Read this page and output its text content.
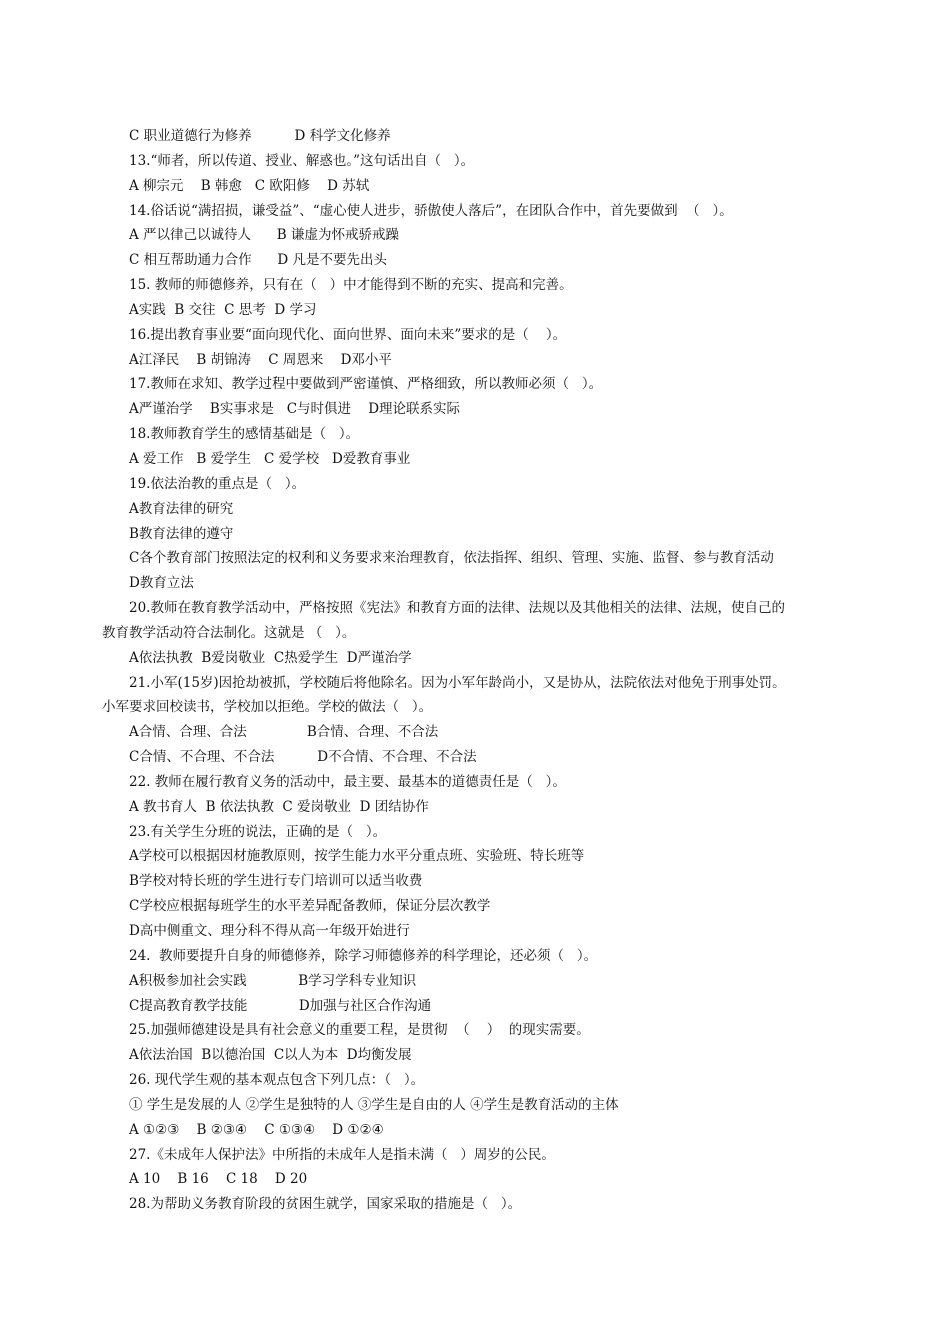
C 职业道德行为修养          D 科学文化修养
13.“师者，所以传道、授业、解惑也。”这句话出自（   ）。
A 柳宗元    B 韩愈   C 欧阳修    D 苏轼
14.俗话说“满招损，谦受益”、“虚心使人进步，骄傲使人落后”，在团队合作中，首先要做到  （   ）。
A 严以律己以诚待人      B 谦虚为怀戒骄戒躁
C 相互帮助通力合作      D 凡是不要先出头
15. 教师的师德修养，只有在（   ）中才能得到不断的充实、提高和完善。
A实践  B 交往  C 思考  D 学习
16.提出教育事业要“面向现代化、面向世界、面向未来”要求的是（    ）。
A江泽民    B 胡锦涛    C 周恩来    D邓小平
17.教师在求知、教学过程中要做到严密谨慎、严格细致，所以教师必须（   ）。
A严谨治学    B实事求是   C与时俱进    D理论联系实际
18.教师教育学生的感情基础是（   ）。
A 爱工作   B 爱学生   C 爱学校   D爱教育事业
19.依法治教的重点是（   ）。
A教育法律的研究
B教育法律的遵守
C各个教育部门按照法定的权利和义务要求来治理教育，依法指挥、组织、管理、实施、监督、参与教育活动
D教育立法
20.教师在教育教学活动中，严格按照《宪法》和教育方面的法律、法规以及其他相关的法律、法规，使自己的
教育教学活动符合法制化。这就是 （   ）。
A依法执教  B爱岗敬业  C热爱学生  D严谨治学
21.小军(15岁)因抢劫被抓，学校随后将他除名。因为小军年龄尚小，又是协从，法院依法对他免于刑事处罚。
小军要求回校读书，学校加以拒绝。学校的做法（   ）。
A合情、合理、合法              B合情、合理、不合法
C合情、不合理、不合法          D不合情、不合理、不合法
22. 教师在履行教育义务的活动中，最主要、最基本的道德责任是（   ）。
A 教书育人  B 依法执教  C 爱岗敬业  D 团结协作
23.有关学生分班的说法，正确的是（   ）。
A学校可以根据因材施教原则，按学生能力水平分重点班、实验班、特长班等
B学校对特长班的学生进行专门培训可以适当收费
C学校应根据每班学生的水平差异配备教师，保证分层次教学
D高中侧重文、理分科不得从高一年级开始进行
24.  教师要提升自身的师德修养，除学习师德修养的科学理论，还必须（   ）。
A积极参加社会实践            B学习学科专业知识
C提高教育教学技能            D加强与社区合作沟通
25.加强师德建设是具有社会意义的重要工程，是贯彻  （    ）  的现实需要。
A依法治国  B以德治国  C以人为本  D均衡发展
26. 现代学生观的基本观点包含下列几点：（   ）。
① 学生是发展的人 ②学生是独特的人 ③学生是自由的人 ④学生是教育活动的主体
A ①②③    B ②③④    C ①③④    D ①②④
27.《未成年人保护法》中所指的未成年人是指未满（   ）周岁的公民。
A 10    B 16    C 18    D 20
28.为帮助义务教育阶段的贫困生就学，国家采取的措施是（   ）。
